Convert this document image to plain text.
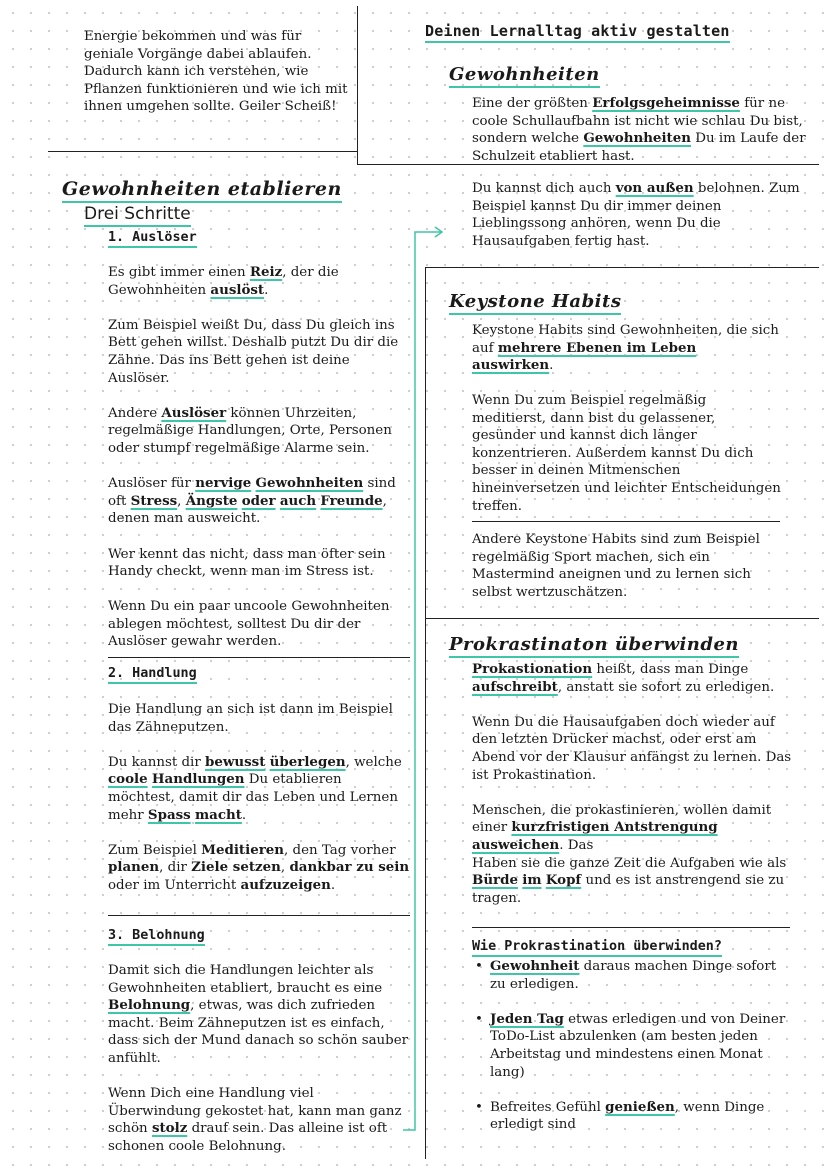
Energie bekommen und was für geniale Vorgänge dabei ablaufen. Dadurch kann ich verstehen, wie Pflanzen funktionieren und wie ich mit ihnen umgehen sollte. Geiler Scheiß!

Deinen Lernalltag aktiv gestalten
Gewohnheiten

Eine der größten Erfolgsgeheimnisse für ne coole Schullaufbahn ist nicht wie schlau Du bist, sondern welche Gewohnheiten Du im Laufe der Schulzeit etabliert hast.

Du kannst dich auch von außen belohnen. Zum Beispiel kannst Du dir immer deinen Lieblingssong anhören, wenn Du die Hausaufgaben fertig hast.

Keystone Habits

Keystone Habits sind Gewohnheiten, die sich auf mehrere Ebenen im Leben auswirken.

Wenn Du zum Beispiel regelmäßig meditierst, dann bist du gelassener, gesünder und kannst dich länger konzentrieren. Außerdem kannst Du dich besser in deinen Mitmenschen hineinversetzen und leichter Entscheidungen treffen.

Andere Keystone Habits sind zum Beispiel regelmäßig Sport machen, sich ein Mastermind aneignen und zu lernen sich selbst wertzuschätzen.

Prokrastinaton überwinden

Prokastionation heißt, dass man Dinge aufschreibt, anstatt sie sofort zu erledigen.

Wenn Du die Hausaufgaben doch wieder auf den letzten Drücker machst, oder erst am Abend vor der Klausur anfängst zu lernen. Das ist Prokastination.

Menschen, die prokastinieren, wollen damit einer kurzfristigen Antstrengung ausweichen. Das

Haben sie die ganze Zeit die Aufgaben wie als Bürde im Kopf und es ist anstrengend sie zu tragen.

Wie Prokrastination überwinden?
• Gewohnheit daraus machen Dinge sofort zu erledigen.
• Jeden Tag etwas erledigen und von Deiner ToDo-List abzulenken (am besten jeden Arbeitstag und mindestens einen Monat lang)
• Befreites Gefühl genießen, wenn Dinge erledigt sind
Gewohnheiten etablieren
Drei Schritte
1. Auslöser

Es gibt immer einen Reiz, der die Gewohnheiten auslöst.

Zum Beispiel weißt Du, dass Du gleich ins Bett gehen willst. Deshalb putzt Du dir die Zähne. Das ins Bett gehen ist deine Auslöser.

Andere Auslöser können Uhrzeiten, regelmäßige Handlungen, Orte, Personen oder stumpf regelmäßige Alarme sein.

Auslöser für nervige Gewohnheiten sind oft Stress, Ängste oder auch Freunde, denen man ausweicht.

Wer kennt das nicht, dass man öfter sein Handy checkt, wenn man im Stress ist.

Wenn Du ein paar uncoole Gewohnheiten ablegen möchtest, solltest Du dir der Auslöser gewahr werden.

2. Handlung

Die Handlung an sich ist dann im Beispiel das Zähneputzen.

Du kannst dir bewusst überlegen, welche coole Handlungen Du etablieren möchtest, damit dir das Leben und Lernen mehr Spass macht.

Zum Beispiel Meditieren, den Tag vorher planen, dir Ziele setzen, dankbar zu sein oder im Unterricht aufzuzeigen.

3. Belohnung

Damit sich die Handlungen leichter als Gewohnheiten etabliert, braucht es eine Belohnung, etwas, was dich zufrieden macht. Beim Zähneputzen ist es einfach, dass sich der Mund danach so schön sauber anfühlt.

Wenn Dich eine Handlung viel Überwindung gekostet hat, kann man ganz schön stolz drauf sein. Das alleine ist oft schonen coole Belohnung.
